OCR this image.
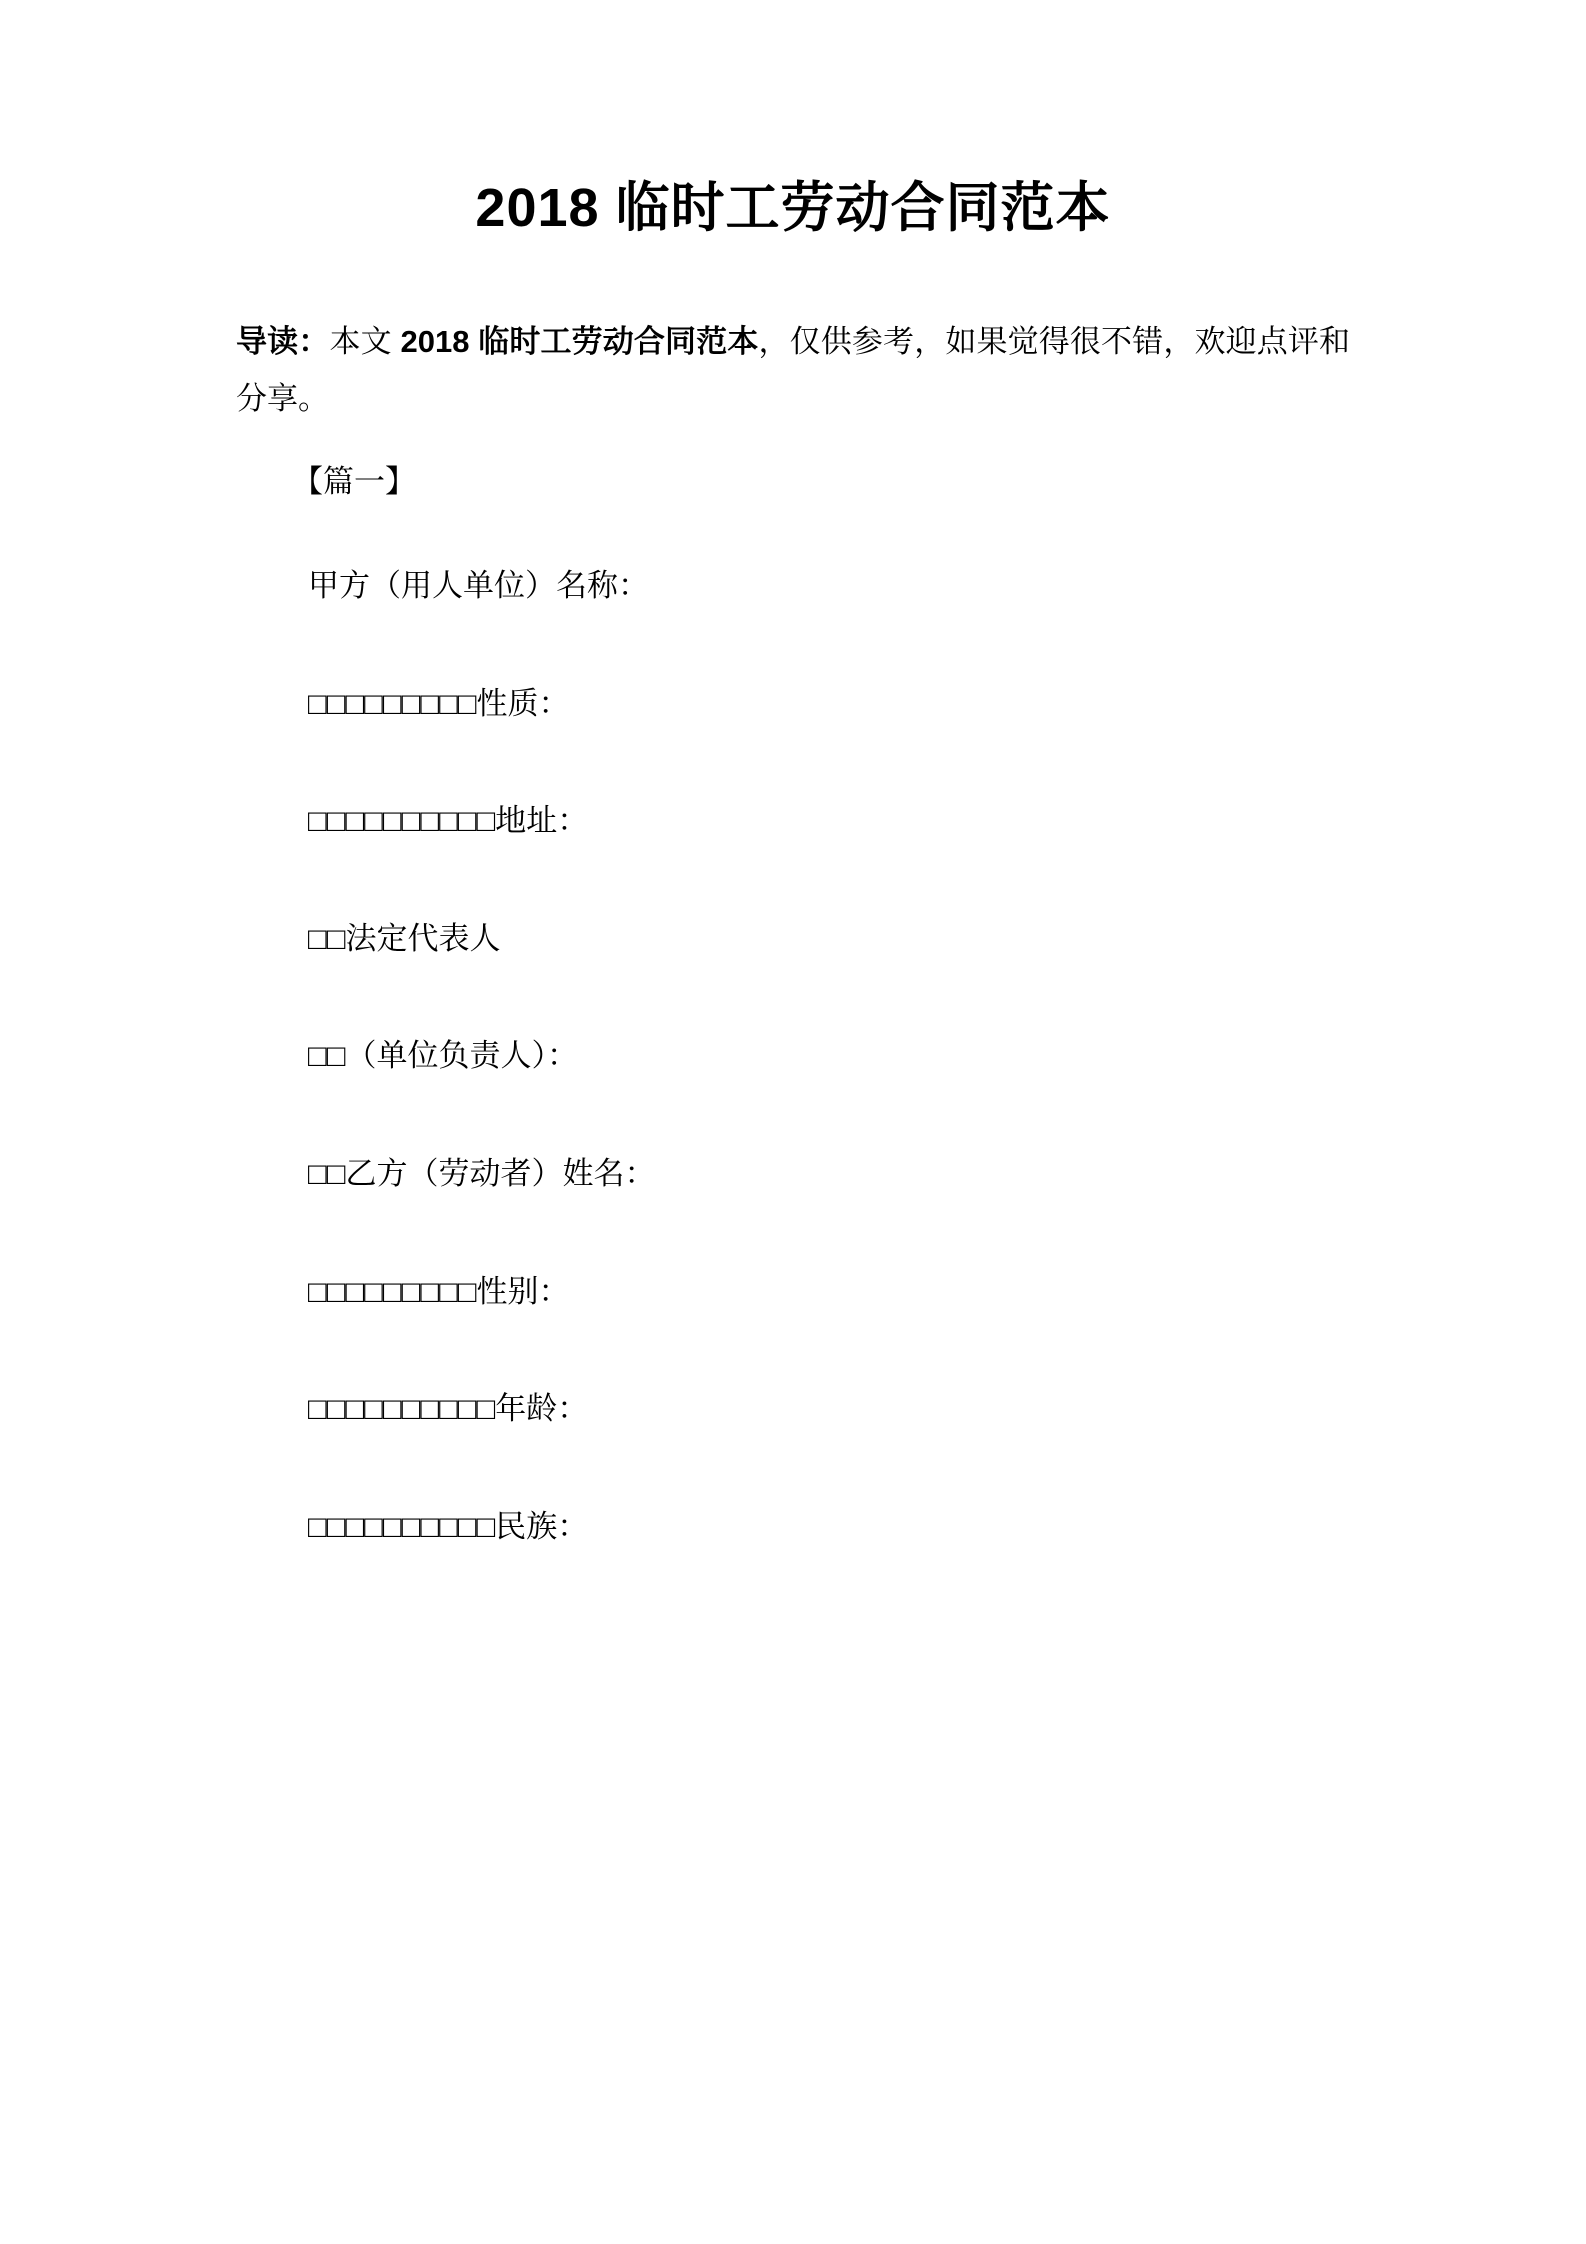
2018 临时工劳动合同范本

导读：本文 2018 临时工劳动合同范本，仅供参考，如果觉得很不错，欢迎点评和分享。

【篇一】

甲方（用人单位）名称：

□□□□□□□□□性质：

□□□□□□□□□□地址：

□□法定代表人

□□（单位负责人）：

□□乙方（劳动者）姓名：

□□□□□□□□□性别：

□□□□□□□□□□年龄：

□□□□□□□□□□民族：
